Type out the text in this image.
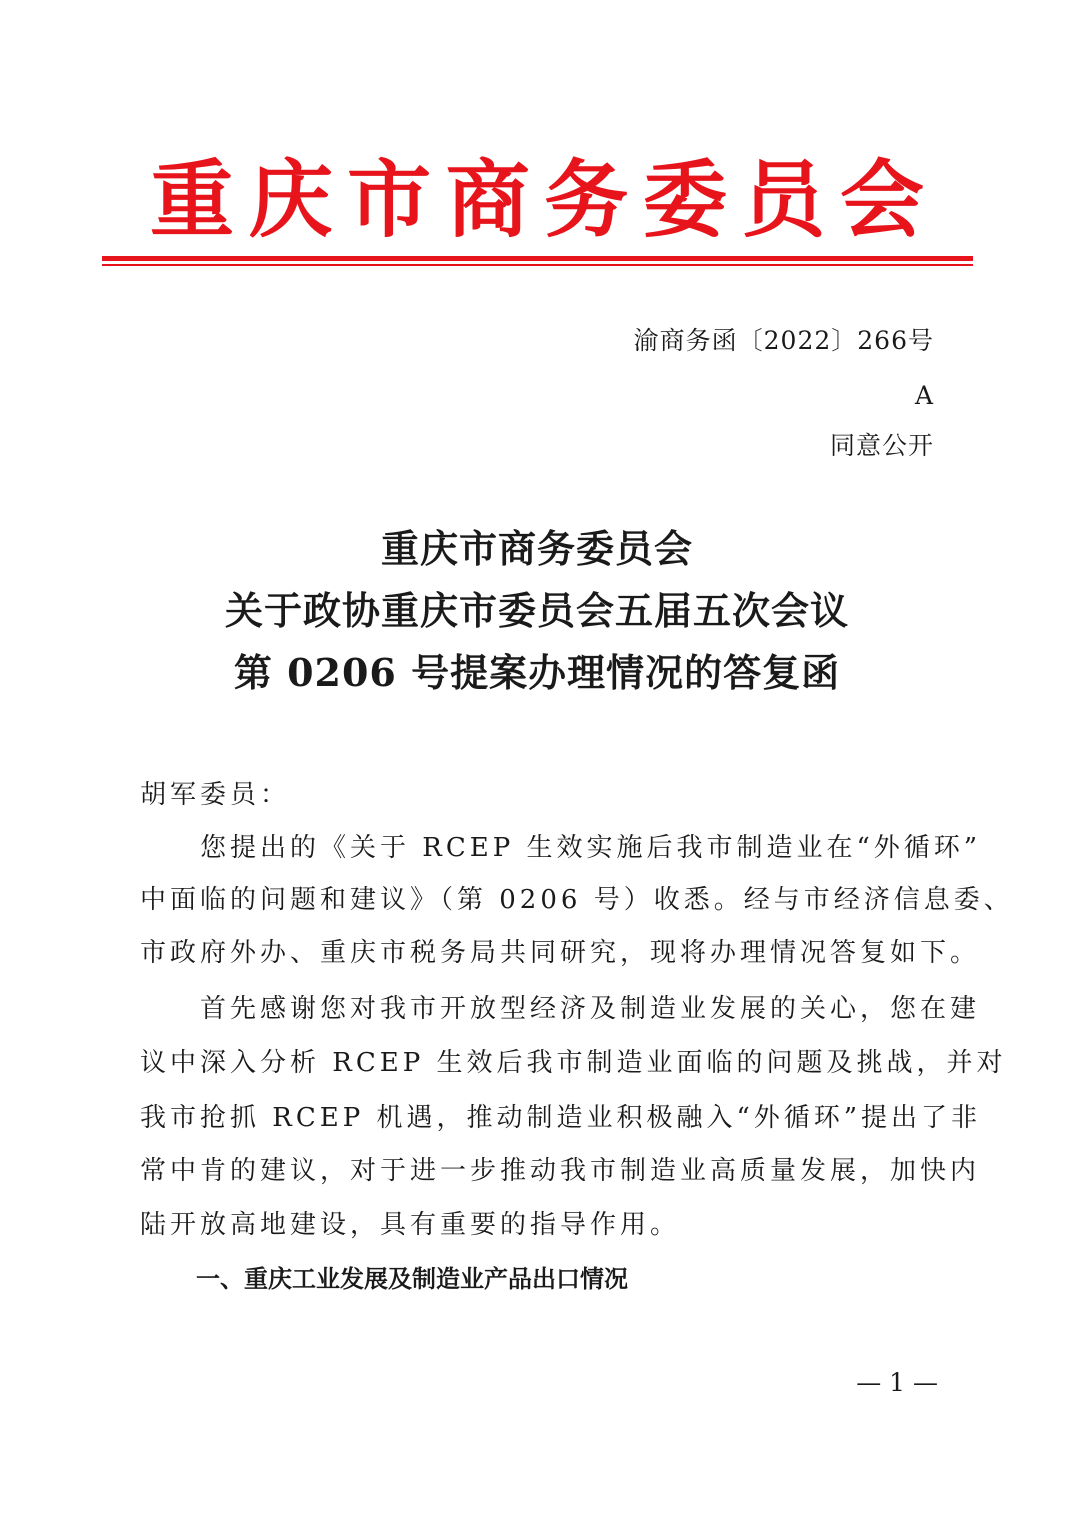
重 庆 市 商 务 委 员 会

渝商务函〔2022〕266号

A

同意公开

重庆市商务委员会
关于政协重庆市委员会五届五次会议
第 0206 号提案办理情况的答复函

胡军委员：

您提出的《关于 RCEP 生效实施后我市制造业在“外循环”

中面临的问题和建议》（第 0206 号）收悉。经与市经济信息委、

市政府外办、重庆市税务局共同研究，现将办理情况答复如下。

首先感谢您对我市开放型经济及制造业发展的关心，您在建

议中深入分析 RCEP 生效后我市制造业面临的问题及挑战，并对

我市抢抓 RCEP 机遇，推动制造业积极融入“外循环”提出了非

常中肯的建议，对于进一步推动我市制造业高质量发展，加快内

陆开放高地建设，具有重要的指导作用。

一、重庆工业发展及制造业产品出口情况

— 1 —
